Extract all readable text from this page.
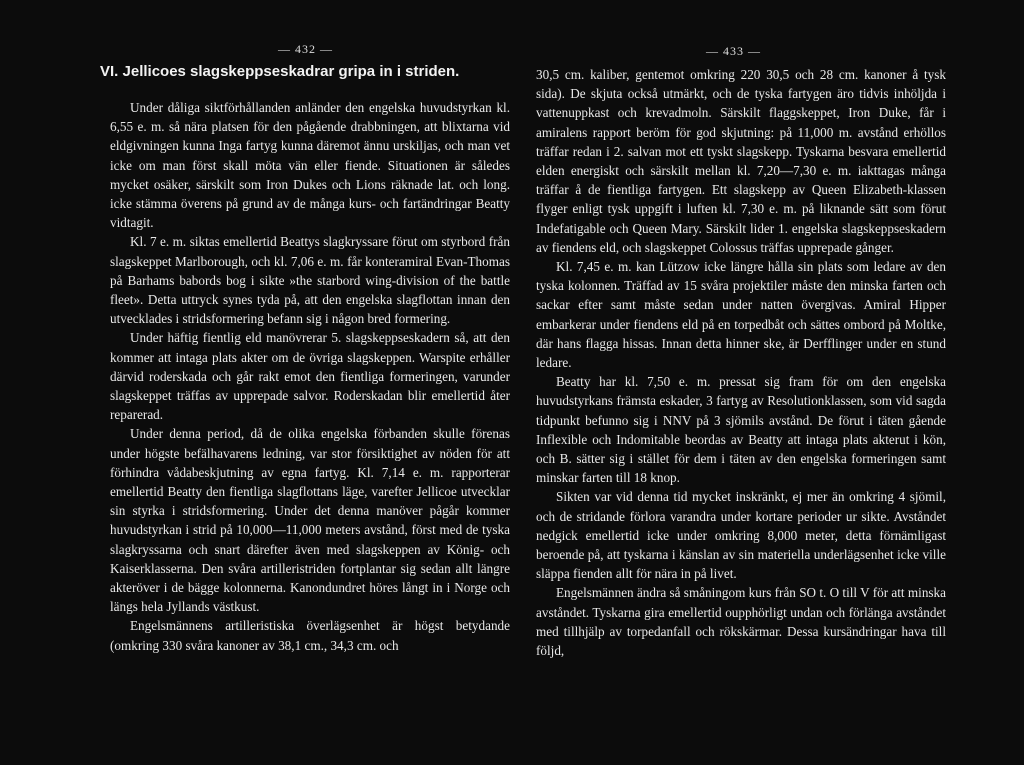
— 432 —
VI. Jellicoes slagskeppseskadrar gripa in i striden.

Under dåliga siktförhållanden anländer den engelska huvudstyrkan kl. 6,55 e. m. så nära platsen för den pågående drabbningen, att blixtarna vid eldgivningen kunna Inga fartyg kunna däremot ännu urskiljas, och man vet icke om man först skall möta vän eller fiende. Situationen är således mycket osäker, särskilt som Iron Dukes och Lions räknade lat. och long. icke stämma överens på grund av de många kurs- och fartändringar Beatty vidtagit.

Kl. 7 e. m. siktas emellertid Beattys slagkryssare förut om styrbord från slagskeppet Marlborough, och kl. 7,06 e. m. får konteramiral Evan-Thomas på Barhams babords bog i sikte »the starbord wing-division of the battle fleet». Detta uttryck synes tyda på, att den engelska slagflottan innan den utvecklades i stridsformering befann sig i någon bred formering.

Under häftig fientlig eld manövrerar 5. slagskeppseskadern så, att den kommer att intaga plats akter om de övriga slagskeppen. Warspite erhåller därvid roderskada och går rakt emot den fientliga formeringen, varunder slagskeppet träffas av upprepade salvor. Roderskadan blir emellertid åter reparerad.

Under denna period, då de olika engelska förbanden skulle förenas under högste befälhavarens ledning, var stor försiktighet av nöden för att förhindra vådabeskjutning av egna fartyg. Kl. 7,14 e. m. rapporterar emellertid Beatty den fientliga slagflottans läge, varefter Jellicoe utvecklar sin styrka i stridsformering. Under det denna manöver pågår kommer huvudstyrkan i strid på 10,000—11,000 meters avstånd, först med de tyska slagkryssarna och snart därefter även med slagskeppen av König- och Kaiserklasserna. Den svåra artilleristriden fortplantar sig sedan allt längre akteröver i de bägge kolonnerna. Kanondundret höres långt in i Norge och längs hela Jyllands västkust.

Engelsmännens artilleristiska överlägsenhet är högst betydande (omkring 330 svåra kanoner av 38,1 cm., 34,3 cm. och

— 433 —

30,5 cm. kaliber, gentemot omkring 220 30,5 och 28 cm. kanoner å tysk sida). De skjuta också utmärkt, och de tyska fartygen äro tidvis inhöljda i vattenuppkast och krevadmoln. Särskilt flaggskeppet, Iron Duke, får i amiralens rapport beröm för god skjutning: på 11,000 m. avstånd erhöllos träffar redan i 2. salvan mot ett tyskt slagskepp. Tyskarna besvara emellertid elden energiskt och särskilt mellan kl. 7,20—7,30 e. m. iakttagas många träffar å de fientliga fartygen. Ett slagskepp av Queen Elizabeth-klassen flyger enligt tysk uppgift i luften kl. 7,30 e. m. på liknande sätt som förut Indefatigable och Queen Mary. Särskilt lider 1. engelska slagskeppseskadern av fiendens eld, och slagskeppet Colossus träffas upprepade gånger.

Kl. 7,45 e. m. kan Lützow icke längre hålla sin plats som ledare av den tyska kolonnen. Träffad av 15 svåra projektiler måste den minska farten och sackar efter samt måste sedan under natten övergivas. Amiral Hipper embarkerar under fiendens eld på en torpedbåt och sättes ombord på Moltke, där hans flagga hissas. Innan detta hinner ske, är Derfflinger under en stund ledare.

Beatty har kl. 7,50 e. m. pressat sig fram för om den engelska huvudstyrkans främsta eskader, 3 fartyg av Resolutionklassen, som vid sagda tidpunkt befunno sig i NNV på 3 sjömils avstånd. De förut i täten gående Inflexible och Indomitable beordas av Beatty att intaga plats akterut i kön, och B. sätter sig i stället för dem i täten av den engelska formeringen samt minskar farten till 18 knop.

Sikten var vid denna tid mycket inskränkt, ej mer än omkring 4 sjömil, och de stridande förlora varandra under kortare perioder ur sikte. Avståndet nedgick emellertid icke under omkring 8,000 meter, detta förnämligast beroende på, att tyskarna i känslan av sin materiella underlägsenhet icke ville släppa fienden allt för nära in på livet.

Engelsmännen ändra så småningom kurs från SO t. O till V för att minska avståndet. Tyskarna gira emellertid oupphörligt undan och förlänga avståndet med tillhjälp av torpedanfall och rökskärmar. Dessa kursändringar hava till följd,
